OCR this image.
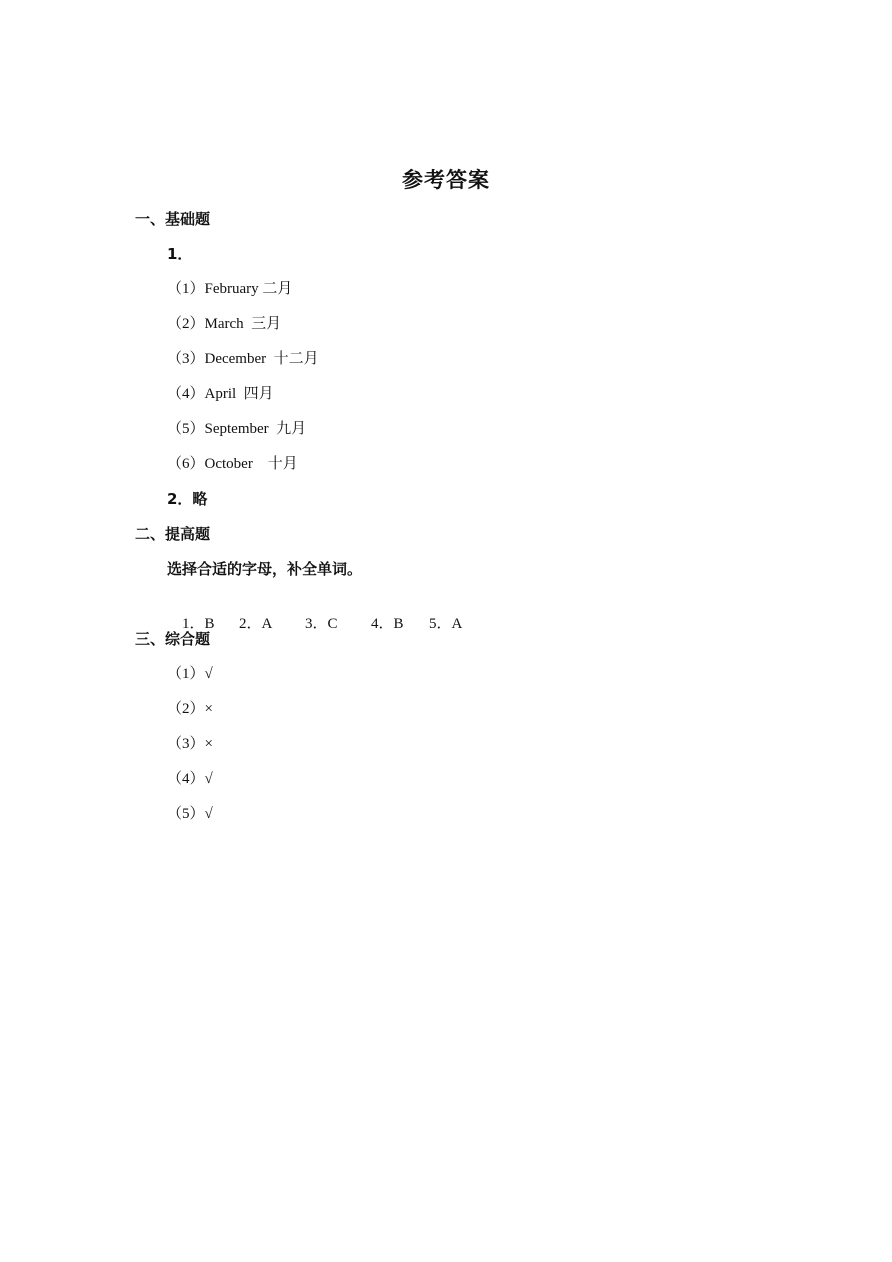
参考答案
一、基础题
1．
（1）February 二月
（2）March  三月
（3）December  十二月
（4）April  四月
（5）September  九月
（6）October    十月
2．略
二、提高题
选择合适的字母，补全单词。

1．B 2．A 3．C 4．B 5．A

三、综合题
（1）√
（2）×
（3）×
（4）√
（5）√
